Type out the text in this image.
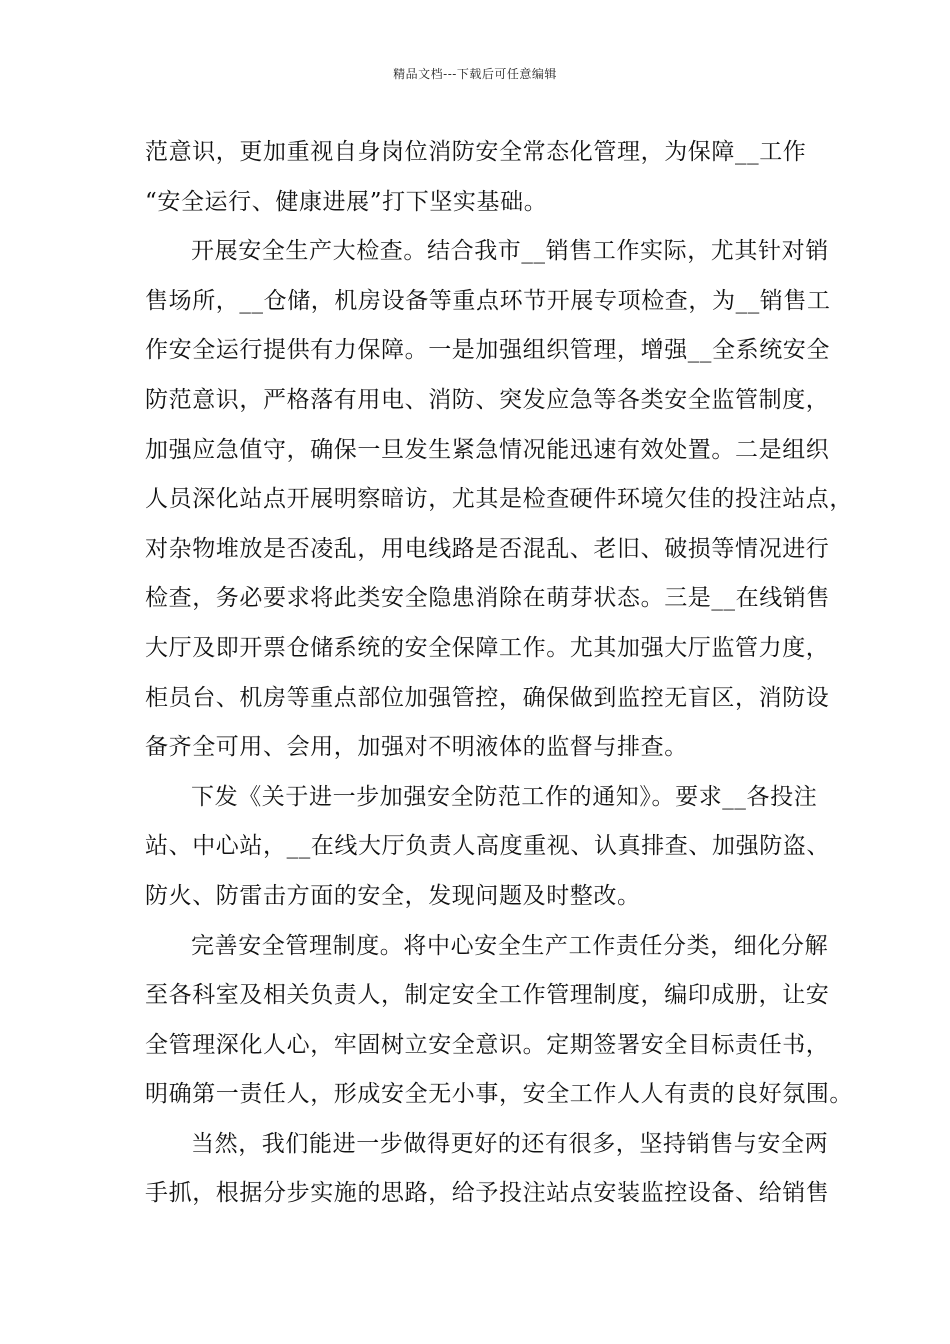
精品文档---下载后可任意编辑
范意识，更加重视自身岗位消防安全常态化管理，为保障__工作
“安全运行、健康进展”打下坚实基础。
开展安全生产大检查。结合我市__销售工作实际，尤其针对销
售场所，__仓储，机房设备等重点环节开展专项检查，为__销售工
作安全运行提供有力保障。一是加强组织管理，增强__全系统安全
防范意识，严格落有用电、消防、突发应急等各类安全监管制度，
加强应急值守，确保一旦发生紧急情况能迅速有效处置。二是组织
人员深化站点开展明察暗访，尤其是检查硬件环境欠佳的投注站点，
对杂物堆放是否凌乱，用电线路是否混乱、老旧、破损等情况进行
检查，务必要求将此类安全隐患消除在萌芽状态。三是__在线销售
大厅及即开票仓储系统的安全保障工作。尤其加强大厅监管力度，
柜员台、机房等重点部位加强管控，确保做到监控无盲区，消防设
备齐全可用、会用，加强对不明液体的监督与排查。
下发《关于进一步加强安全防范工作的通知》。要求__各投注
站、中心站，__在线大厅负责人高度重视、认真排查、加强防盗、
防火、防雷击方面的安全，发现问题及时整改。
完善安全管理制度。将中心安全生产工作责任分类，细化分解
至各科室及相关负责人，制定安全工作管理制度，编印成册，让安
全管理深化人心，牢固树立安全意识。定期签署安全目标责任书，
明确第一责任人，形成安全无小事，安全工作人人有责的良好氛围。
当然，我们能进一步做得更好的还有很多，坚持销售与安全两
手抓，根据分步实施的思路，给予投注站点安装监控设备、给销售
